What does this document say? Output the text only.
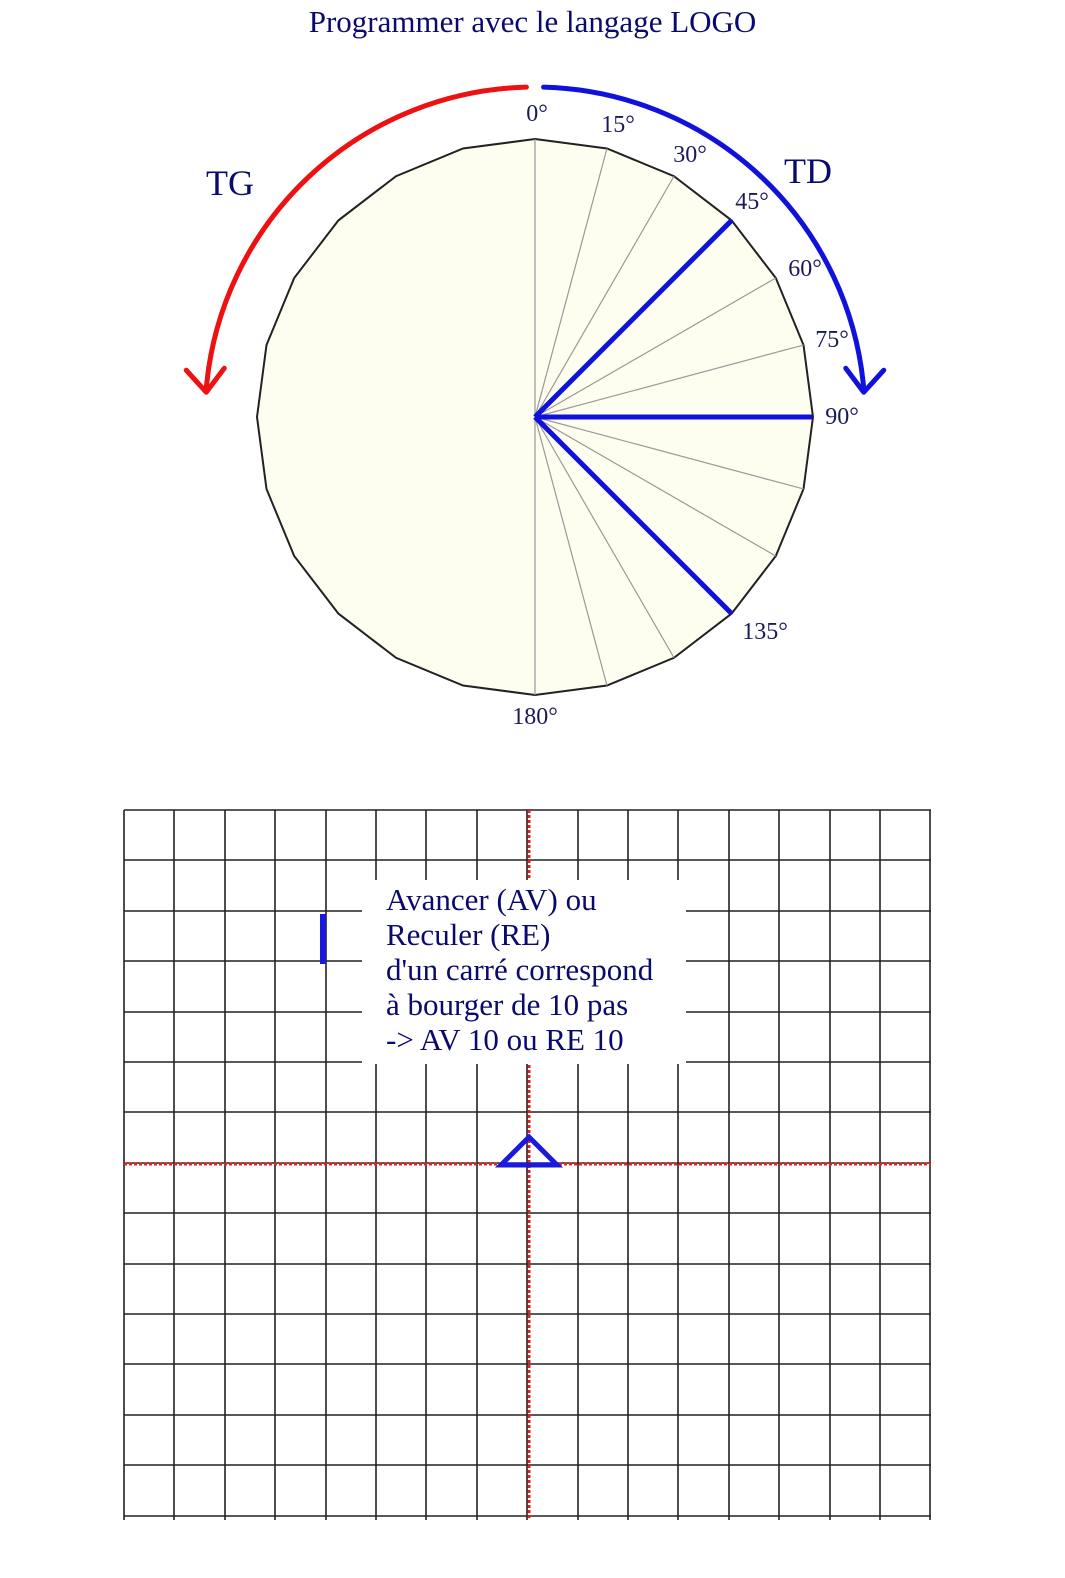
Programmer avec le langage LOGO
TG	TD
0° 15°
30°
45°
60°
75°
90°
135°
180°
Avancer (AV) ou
Reculer (RE)
d'un carré correspond
à bourger de 10 pas
-> AV 10 ou RE 10
